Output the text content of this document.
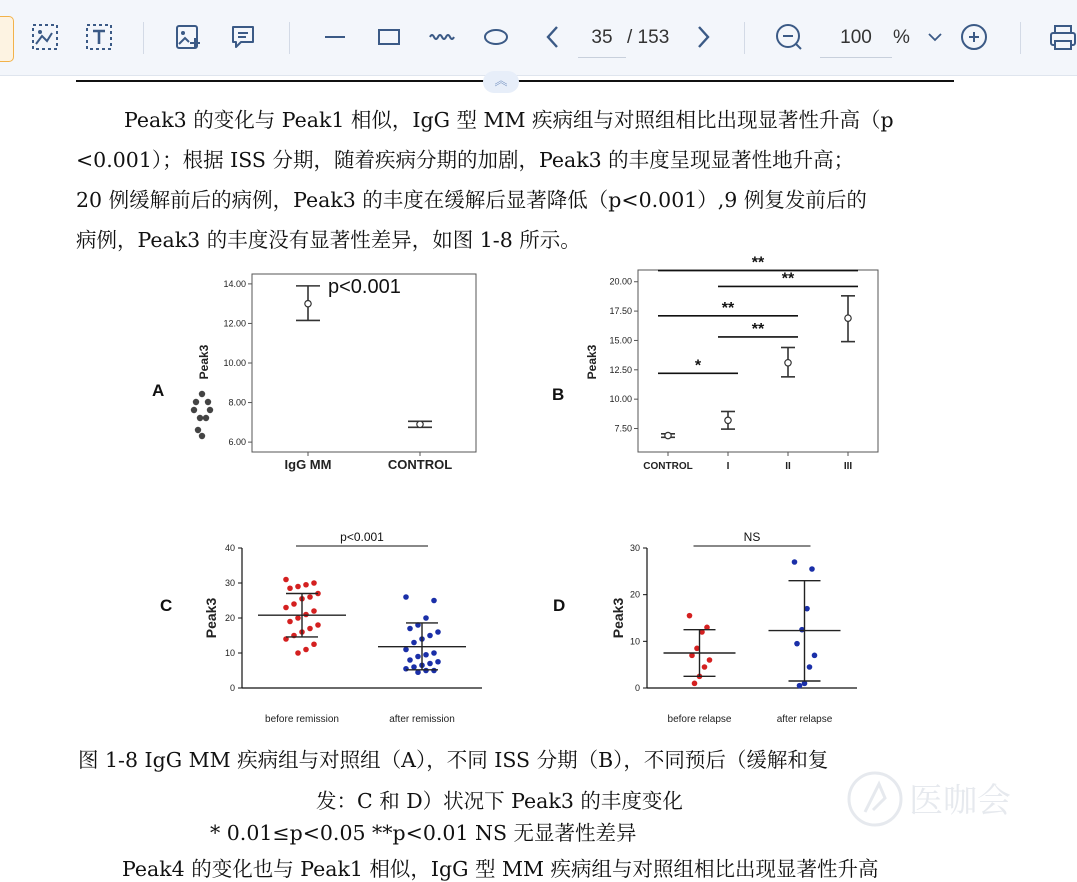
35 / 153	100	%
︽
Peak3 的变化与 Peak1 相似，IgG 型 MM 疾病组与对照组相比出现显著性升高（p
<0.001）；根据 ISS 分期，随着疾病分期的加剧，Peak3 的丰度呈现显著性地升高；
20 例缓解前后的病例，Peak3 的丰度在缓解后显著降低（p<0.001）,9 例复发前后的
病例，Peak3 的丰度没有显著性差异，如图 1-8 所示。
14.00
12.00
10.00
8.00
6.00
IgG MM	CONTROL
Peak3
A
p<0.001	20.00
17.50
15.00
12.50
10.00
7.50
CONTROL	I	II	III
Peak3
B
**
**
**
**
*
40
30
20
10
0
before remission	after remission
p<0.001
Peak3
C
30
20
10
0
before relapse	after relapse
NS
Peak3
D
图 1-8 IgG MM 疾病组与对照组（A），不同 ISS 分期（B），不同预后（缓解和复
发：C 和 D）状况下 Peak3 的丰度变化
* 0.01≤p<0.05 **p<0.01 NS 无显著性差异
Peak4 的变化也与 Peak1 相似，IgG 型 MM 疾病组与对照组相比出现显著性升高
医咖会
